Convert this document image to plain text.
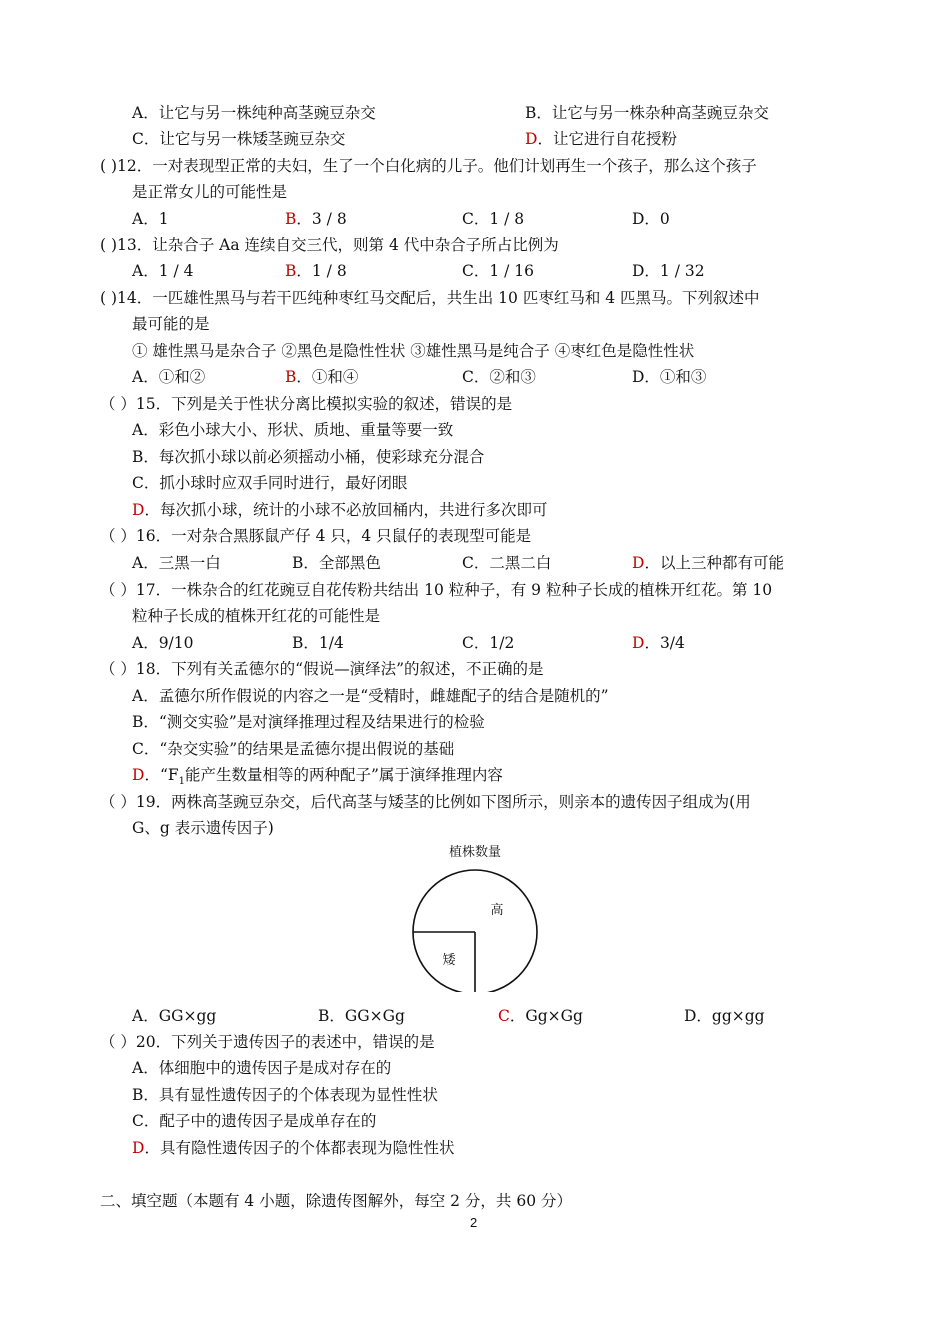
A．让它与另一株纯种高茎豌豆杂交	B．让它与另一株杂种高茎豌豆杂交
C．让它与另一株矮茎豌豆杂交	D．让它进行自花授粉
( )12．一对表现型正常的夫妇，生了一个白化病的儿子。他们计划再生一个孩子，那么这个孩子
是正常女儿的可能性是
A．1	B．3 / 8	C．1 / 8	D．0
( )13．让杂合子 Aa 连续自交三代，则第 4 代中杂合子所占比例为
A．1 / 4	B．1 / 8	C．1 / 16	D．1 / 32
( )14．一匹雄性黑马与若干匹纯种枣红马交配后，共生出 10 匹枣红马和 4 匹黑马。下列叙述中
最可能的是
① 雄性黑马是杂合子 ②黑色是隐性性状 ③雄性黑马是纯合子 ④枣红色是隐性性状
A．①和②	B．①和④	C．②和③	D．①和③
（ ）15．下列是关于性状分离比模拟实验的叙述，错误的是
A．彩色小球大小、形状、质地、重量等要一致
B．每次抓小球以前必须摇动小桶，使彩球充分混合
C．抓小球时应双手同时进行，最好闭眼
D．每次抓小球，统计的小球不必放回桶内，共进行多次即可
（ ）16．一对杂合黑豚鼠产仔 4 只，4 只鼠仔的表现型可能是
A．三黑一白	B．全部黑色	C．二黑二白	D．以上三种都有可能
（ ）17．一株杂合的红花豌豆自花传粉共结出 10 粒种子，有 9 粒种子长成的植株开红花。第 10
粒种子长成的植株开红花的可能性是
A．9/10	B．1/4	C．1/2	D．3/4
（ ）18．下列有关孟德尔的“假说—演绎法”的叙述，不正确的是
A．孟德尔所作假说的内容之一是“受精时，雌雄配子的结合是随机的”
B．“测交实验”是对演绎推理过程及结果进行的检验
C．“杂交实验”的结果是孟德尔提出假说的基础
D．“$F_1$能产生数量相等的两种配子”属于演绎推理内容
（ ）19．两株高茎豌豆杂交，后代高茎与矮茎的比例如下图所示，则亲本的遗传因子组成为(用
G、g 表示遗传因子)
植株数量
高
矮
A．GG×gg	B．GG×Gg	C．Gg×Gg	D．gg×gg
（ ）20．下列关于遗传因子的表述中，错误的是
A．体细胞中的遗传因子是成对存在的
B．具有显性遗传因子的个体表现为显性性状
C．配子中的遗传因子是成单存在的
D．具有隐性遗传因子的个体都表现为隐性性状
二、填空题（本题有 4 小题，除遗传图解外，每空 2 分，共 60 分）
2
